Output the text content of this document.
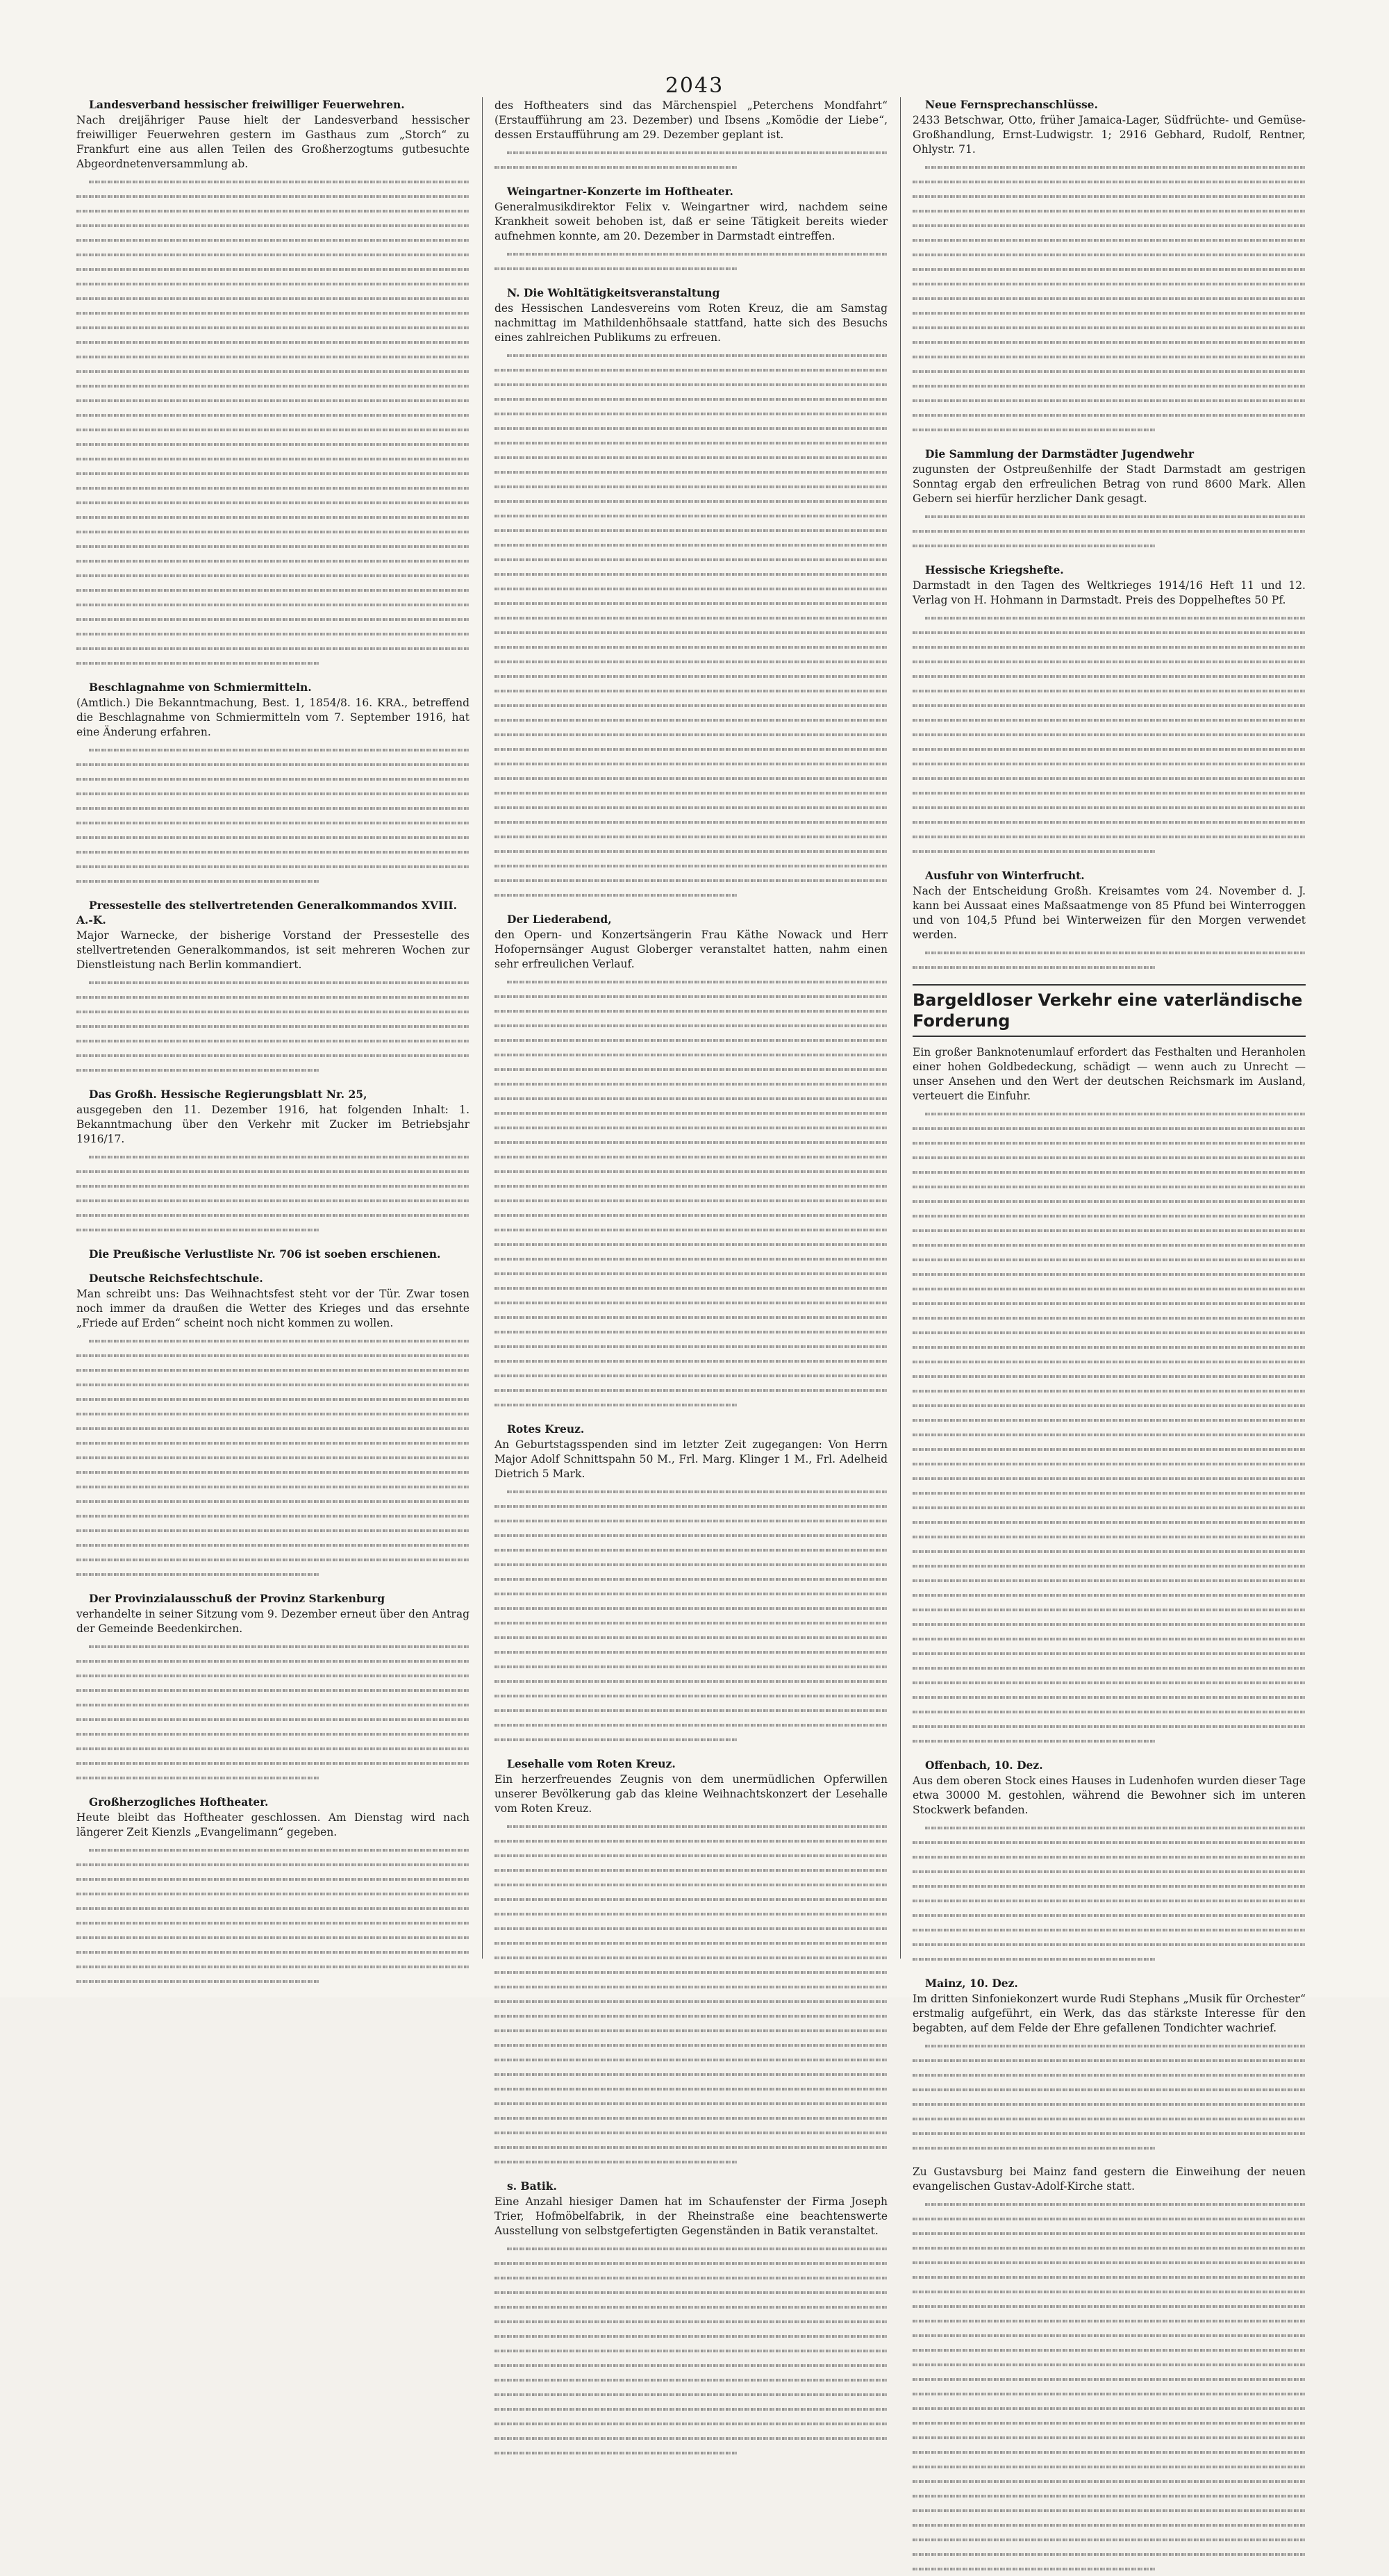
2043
Landesverband hessischer freiwilliger Feuerwehren.
Nach dreijähriger Pause hielt der Landesverband hessischer freiwilliger Feuerwehren gestern im Gasthaus zum „Storch“ zu Frankfurt eine aus allen Teilen des Großherzogtums gutbesuchte Abgeordnetenversammlung ab.
Beschlagnahme von Schmiermitteln.
(Amtlich.) Die Bekanntmachung, Best. 1, 1854/8. 16. KRA., betreffend die Beschlagnahme von Schmiermitteln vom 7. September 1916, hat eine Änderung erfahren.
Pressestelle des stellvertretenden Generalkommandos XVIII. A.-K.
Major Warnecke, der bisherige Vorstand der Pressestelle des stellvertretenden Generalkommandos, ist seit mehreren Wochen zur Dienstleistung nach Berlin kommandiert.
Das Großh. Hessische Regierungsblatt Nr. 25,
ausgegeben den 11. Dezember 1916, hat folgenden Inhalt: 1. Bekanntmachung über den Verkehr mit Zucker im Betriebsjahr 1916/17.
Die Preußische Verlustliste Nr. 706 ist soeben erschienen.
Deutsche Reichsfechtschule.
Man schreibt uns: Das Weihnachtsfest steht vor der Tür. Zwar tosen noch immer da draußen die Wetter des Krieges und das ersehnte „Friede auf Erden“ scheint noch nicht kommen zu wollen.
Der Provinzialausschuß der Provinz Starkenburg
verhandelte in seiner Sitzung vom 9. Dezember erneut über den Antrag der Gemeinde Beedenkirchen.
Großherzogliches Hoftheater.
Heute bleibt das Hoftheater geschlossen. Am Dienstag wird nach längerer Zeit Kienzls „Evangelimann“ gegeben.
des Hoftheaters sind das Märchenspiel „Peterchens Mondfahrt“ (Erstaufführung am 23. Dezember) und Ibsens „Komödie der Liebe“, dessen Erstaufführung am 29. Dezember geplant ist.
Weingartner-Konzerte im Hoftheater.
Generalmusikdirektor Felix v. Weingartner wird, nachdem seine Krankheit soweit behoben ist, daß er seine Tätigkeit bereits wieder aufnehmen konnte, am 20. Dezember in Darmstadt eintreffen.
N. Die Wohltätigkeitsveranstaltung
des Hessischen Landesvereins vom Roten Kreuz, die am Samstag nachmittag im Mathildenhöhsaale stattfand, hatte sich des Besuchs eines zahlreichen Publikums zu erfreuen.
Der Liederabend,
den Opern- und Konzertsängerin Frau Käthe Nowack und Herr Hofopernsänger August Globerger veranstaltet hatten, nahm einen sehr erfreulichen Verlauf.
Rotes Kreuz.
An Geburtstagsspenden sind im letzter Zeit zugegangen: Von Herrn Major Adolf Schnittspahn 50 M., Frl. Marg. Klinger 1 M., Frl. Adelheid Dietrich 5 Mark.
Lesehalle vom Roten Kreuz.
Ein herzerfreuendes Zeugnis von dem unermüdlichen Opferwillen unserer Bevölkerung gab das kleine Weihnachtskonzert der Lesehalle vom Roten Kreuz.
s. Batik.
Eine Anzahl hiesiger Damen hat im Schaufenster der Firma Joseph Trier, Hofmöbelfabrik, in der Rheinstraße eine beachtenswerte Ausstellung von selbstgefertigten Gegenständen in Batik veranstaltet.
Neue Fernsprechanschlüsse.
2433 Betschwar, Otto, früher Jamaica-Lager, Südfrüchte- und Gemüse-Großhandlung, Ernst-Ludwigstr. 1; 2916 Gebhard, Rudolf, Rentner, Ohlystr. 71.
Die Sammlung der Darmstädter Jugendwehr
zugunsten der Ostpreußenhilfe der Stadt Darmstadt am gestrigen Sonntag ergab den erfreulichen Betrag von rund 8600 Mark. Allen Gebern sei hierfür herzlicher Dank gesagt.
Hessische Kriegshefte.
Darmstadt in den Tagen des Weltkrieges 1914/16 Heft 11 und 12. Verlag von H. Hohmann in Darmstadt. Preis des Doppelheftes 50 Pf.
Ausfuhr von Winterfrucht.
Nach der Entscheidung Großh. Kreisamtes vom 24. November d. J. kann bei Aussaat eines Maßsaatmenge von 85 Pfund bei Winterroggen und von 104,5 Pfund bei Winterweizen für den Morgen verwendet werden.
Bargeldloser Verkehr eine vaterländische Forderung
Ein großer Banknotenumlauf erfordert das Festhalten und Heranholen einer hohen Goldbedeckung, schädigt — wenn auch zu Unrecht — unser Ansehen und den Wert der deutschen Reichsmark im Ausland, verteuert die Einfuhr.
Offenbach, 10. Dez.
Aus dem oberen Stock eines Hauses in Ludenhofen wurden dieser Tage etwa 30000 M. gestohlen, während die Bewohner sich im unteren Stockwerk befanden.
Mainz, 10. Dez.
Im dritten Sinfoniekonzert wurde Rudi Stephans „Musik für Orchester“ erstmalig aufgeführt, ein Werk, das das stärkste Interesse für den begabten, auf dem Felde der Ehre gefallenen Tondichter wachrief.
Zu Gustavsburg bei Mainz fand gestern die Einweihung der neuen evangelischen Gustav-Adolf-Kirche statt.
